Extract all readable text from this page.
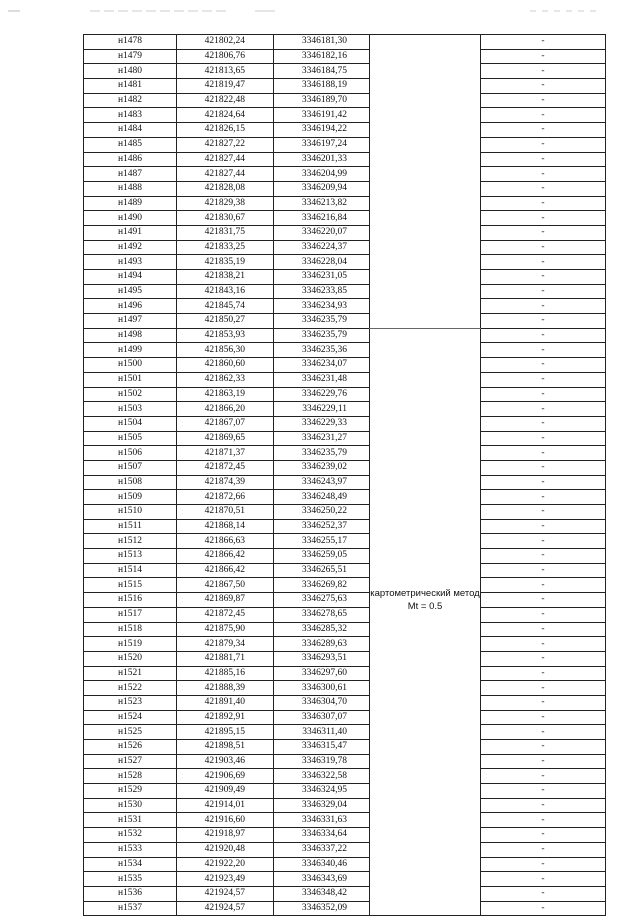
н1478	421802,24	3346181,30		-
н1479	421806,76	3346182,16		-
н1480	421813,65	3346184,75		-
н1481	421819,47	3346188,19		-
н1482	421822,48	3346189,70		-
н1483	421824,64	3346191,42		-
н1484	421826,15	3346194,22		-
н1485	421827,22	3346197,24		-
н1486	421827,44	3346201,33		-
н1487	421827,44	3346204,99		-
н1488	421828,08	3346209,94		-
н1489	421829,38	3346213,82		-
н1490	421830,67	3346216,84		-
н1491	421831,75	3346220,07		-
н1492	421833,25	3346224,37		-
н1493	421835,19	3346228,04		-
н1494	421838,21	3346231,05		-
н1495	421843,16	3346233,85		-
н1496	421845,74	3346234,93		-
н1497	421850,27	3346235,79		-
н1498	421853,93	3346235,79	картометрический метод Mt = 0.5	-
н1499	421856,30	3346235,36		-
н1500	421860,60	3346234,07		-
н1501	421862,33	3346231,48		-
н1502	421863,19	3346229,76		-
н1503	421866,20	3346229,11		-
н1504	421867,07	3346229,33		-
н1505	421869,65	3346231,27		-
н1506	421871,37	3346235,79		-
н1507	421872,45	3346239,02		-
н1508	421874,39	3346243,97		-
н1509	421872,66	3346248,49		-
н1510	421870,51	3346250,22		-
н1511	421868,14	3346252,37		-
н1512	421866,63	3346255,17		-
н1513	421866,42	3346259,05		-
н1514	421866,42	3346265,51		-
н1515	421867,50	3346269,82		-
н1516	421869,87	3346275,63		-
н1517	421872,45	3346278,65		-
н1518	421875,90	3346285,32		-
н1519	421879,34	3346289,63		-
н1520	421881,71	3346293,51		-
н1521	421885,16	3346297,60		-
н1522	421888,39	3346300,61		-
н1523	421891,40	3346304,70		-
н1524	421892,91	3346307,07		-
н1525	421895,15	3346311,40		-
н1526	421898,51	3346315,47		-
н1527	421903,46	3346319,78		-
н1528	421906,69	3346322,58		-
н1529	421909,49	3346324,95		-
н1530	421914,01	3346329,04		-
н1531	421916,60	3346331,63		-
н1532	421918,97	3346334,64		-
н1533	421920,48	3346337,22		-
н1534	421922,20	3346340,46		-
н1535	421923,49	3346343,69		-
н1536	421924,57	3346348,42		-
н1537	421924,57	3346352,09		-
